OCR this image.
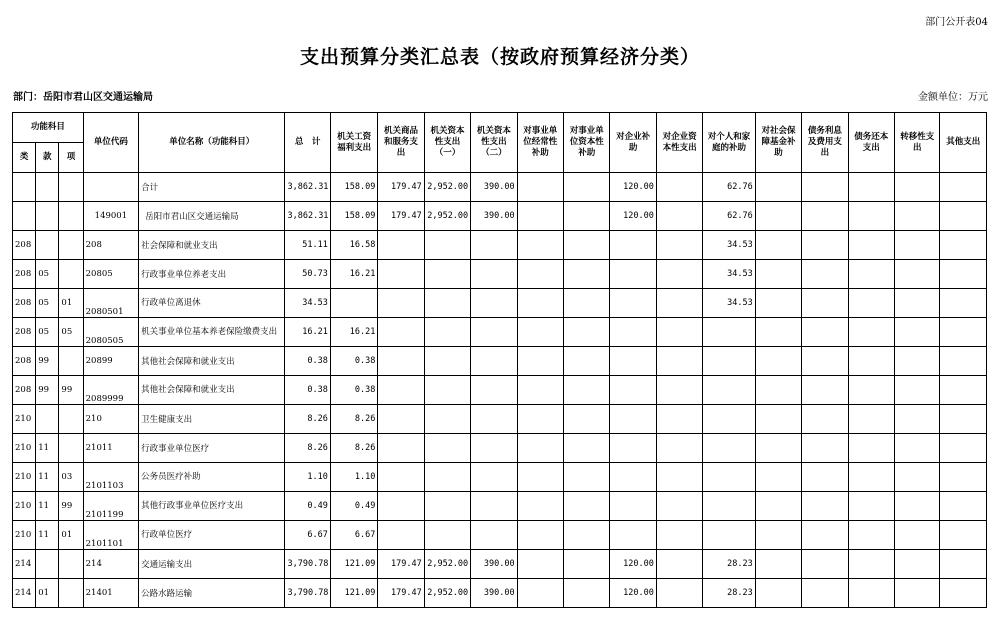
部门公开表04
支出预算分类汇总表（按政府预算经济分类）
部门：岳阳市君山区交通运输局	金额单位：万元
功能科目			单位代码	单位名称（功能科目）	总　计	机关工资福利支出	机关商品和服务支出	机关资本性支出（一）	机关资本性支出（二）	对事业单位经常性补助	对事业单位资本性补助	对企业补助	对企业资本性支出	对个人和家庭的补助	对社会保障基金补助	债务利息及费用支出	债务还本支出	转移性支出	其他支出
类	款	项																	
				合计	3,862.31	158.09	179.47	2,952.00	390.00			120.00		62.76					
			149001	岳阳市君山区交通运输局	3,862.31	158.09	179.47	2,952.00	390.00			120.00		62.76					
208			208	社会保障和就业支出	51.11	16.58								34.53					
208	05		20805	行政事业单位养老支出	50.73	16.21								34.53					
208	05	01	2080501	行政单位离退休	34.53									34.53					
208	05	05	2080505	机关事业单位基本养老保险缴费支出	16.21	16.21													
208	99		20899	其他社会保障和就业支出	0.38	0.38													
208	99	99	2089999	其他社会保障和就业支出	0.38	0.38													
210			210	卫生健康支出	8.26	8.26													
210	11		21011	行政事业单位医疗	8.26	8.26													
210	11	03	2101103	公务员医疗补助	1.10	1.10													
210	11	99	2101199	其他行政事业单位医疗支出	0.49	0.49													
210	11	01	2101101	行政单位医疗	6.67	6.67													
214			214	交通运输支出	3,790.78	121.09	179.47	2,952.00	390.00			120.00		28.23					
214	01		21401	公路水路运输	3,790.78	121.09	179.47	2,952.00	390.00			120.00		28.23					
